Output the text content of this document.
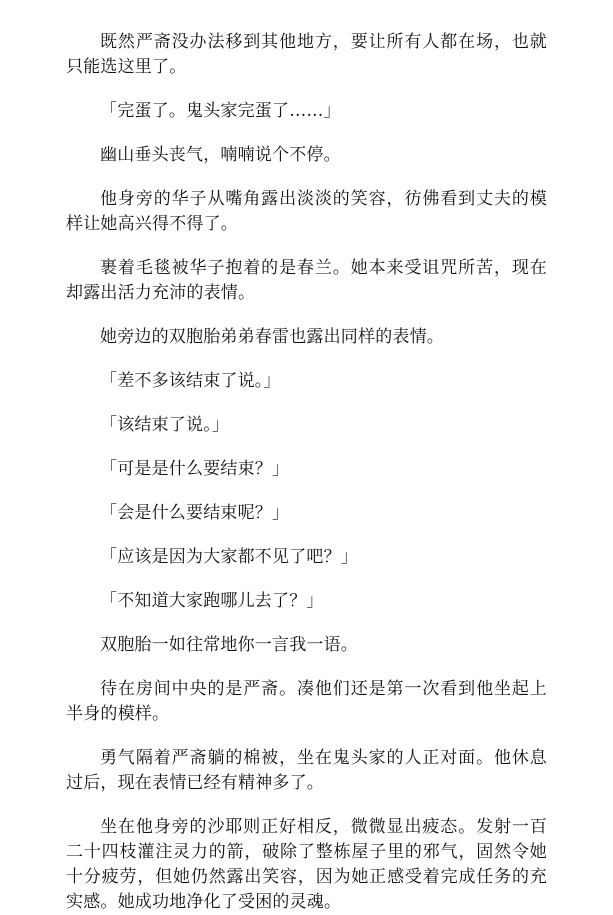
既然严斋没办法移到其他地方，要让所有人都在场，也就只能选这里了。

「完蛋了。鬼头家完蛋了……」

幽山垂头丧气，喃喃说个不停。

他身旁的华子从嘴角露出淡淡的笑容，彷佛看到丈夫的模样让她高兴得不得了。

裹着毛毯被华子抱着的是春兰。她本来受诅咒所苦，现在却露出活力充沛的表情。

她旁边的双胞胎弟弟春雷也露出同样的表情。

「差不多该结束了说。」

「该结束了说。」

「可是是什么要结束？」

「会是什么要结束呢？」

「应该是因为大家都不见了吧？」

「不知道大家跑哪儿去了？」

双胞胎一如往常地你一言我一语。

待在房间中央的是严斋。凑他们还是第一次看到他坐起上半身的模样。

勇气隔着严斋躺的棉被，坐在鬼头家的人正对面。他休息过后，现在表情已经有精神多了。

坐在他身旁的沙耶则正好相反，微微显出疲态。发射一百二十四枝灌注灵力的箭，破除了整栋屋子里的邪气，固然令她十分疲劳，但她仍然露出笑容，因为她正感受着完成任务的充实感。她成功地净化了受困的灵魂。
